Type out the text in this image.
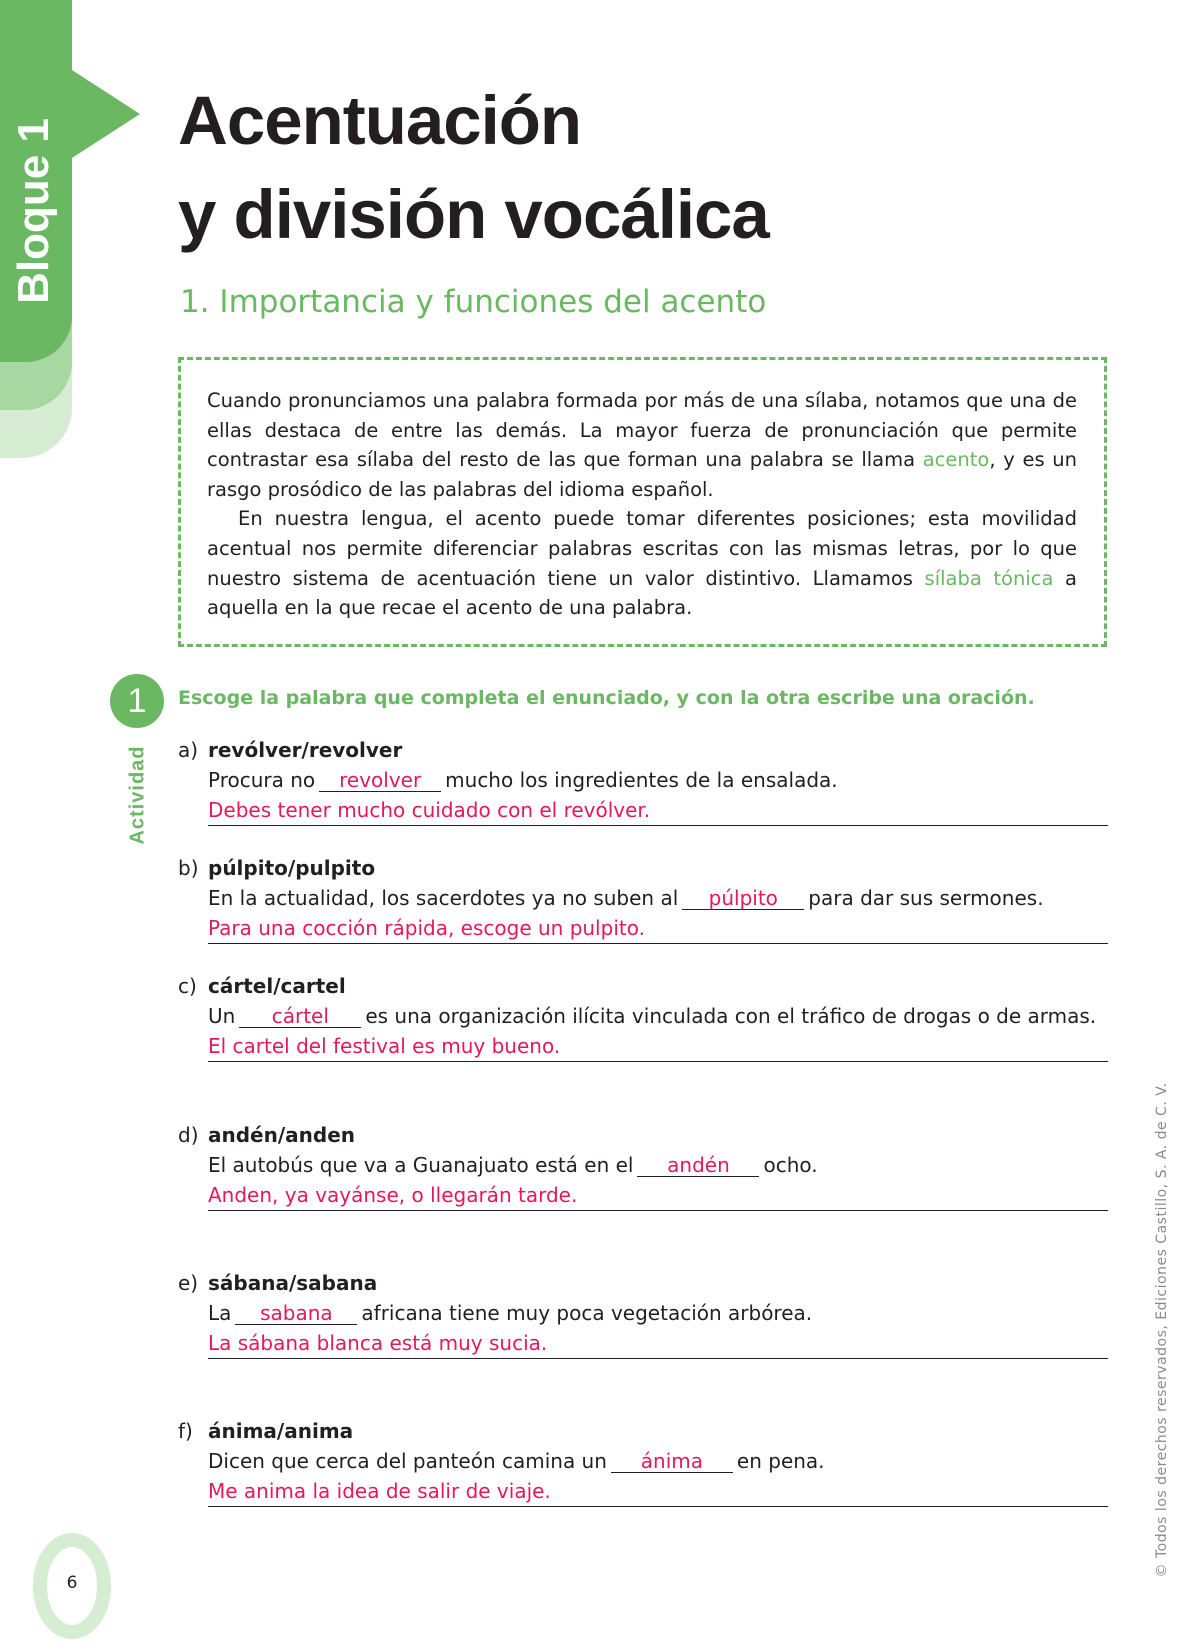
Bloque 1 Acentuación
y división vocálica
1. Importancia y funciones del acento

Cuando pronunciamos una palabra formada por más de una sílaba, notamos que una de ellas destaca de entre las demás. La mayor fuerza de pronunciación que permite contrastar esa sílaba del resto de las que forman una palabra se llama acento, y es un rasgo prosódico de las palabras del idioma español.

En nuestra lengua, el acento puede tomar diferentes posiciones; esta movilidad acentual nos permite diferenciar palabras escritas con las mismas letras, por lo que nuestro sistema de acentuación tiene un valor distintivo. Llamamos sílaba tónica a aquella en la que recae el acento de una palabra.

1
Actividad

Escoge la palabra que completa el enunciado, y con la otra escribe una oración.

a) revólver/revolver
Procura no revolver mucho los ingredientes de la ensalada.
Debes tener mucho cuidado con el revólver.
b) púlpito/pulpito
En la actualidad, los sacerdotes ya no suben al púlpito para dar sus sermones.
Para una cocción rápida, escoge un pulpito.
c) cártel/cartel
Un cártel es una organización ilícita vinculada con el tráfico de drogas o de armas.
El cartel del festival es muy bueno.
d) andén/anden
El autobús que va a Guanajuato está en el andén ocho.
Anden, ya vayánse, o llegarán tarde.
e) sábana/sabana
La sabana africana tiene muy poca vegetación arbórea.
La sábana blanca está muy sucia.
f) ánima/anima
Dicen que cerca del panteón camina un ánima en pena.
Me anima la idea de salir de viaje.	© Todos los derechos reservados, Ediciones Castillo, S. A. de C. V.
6
